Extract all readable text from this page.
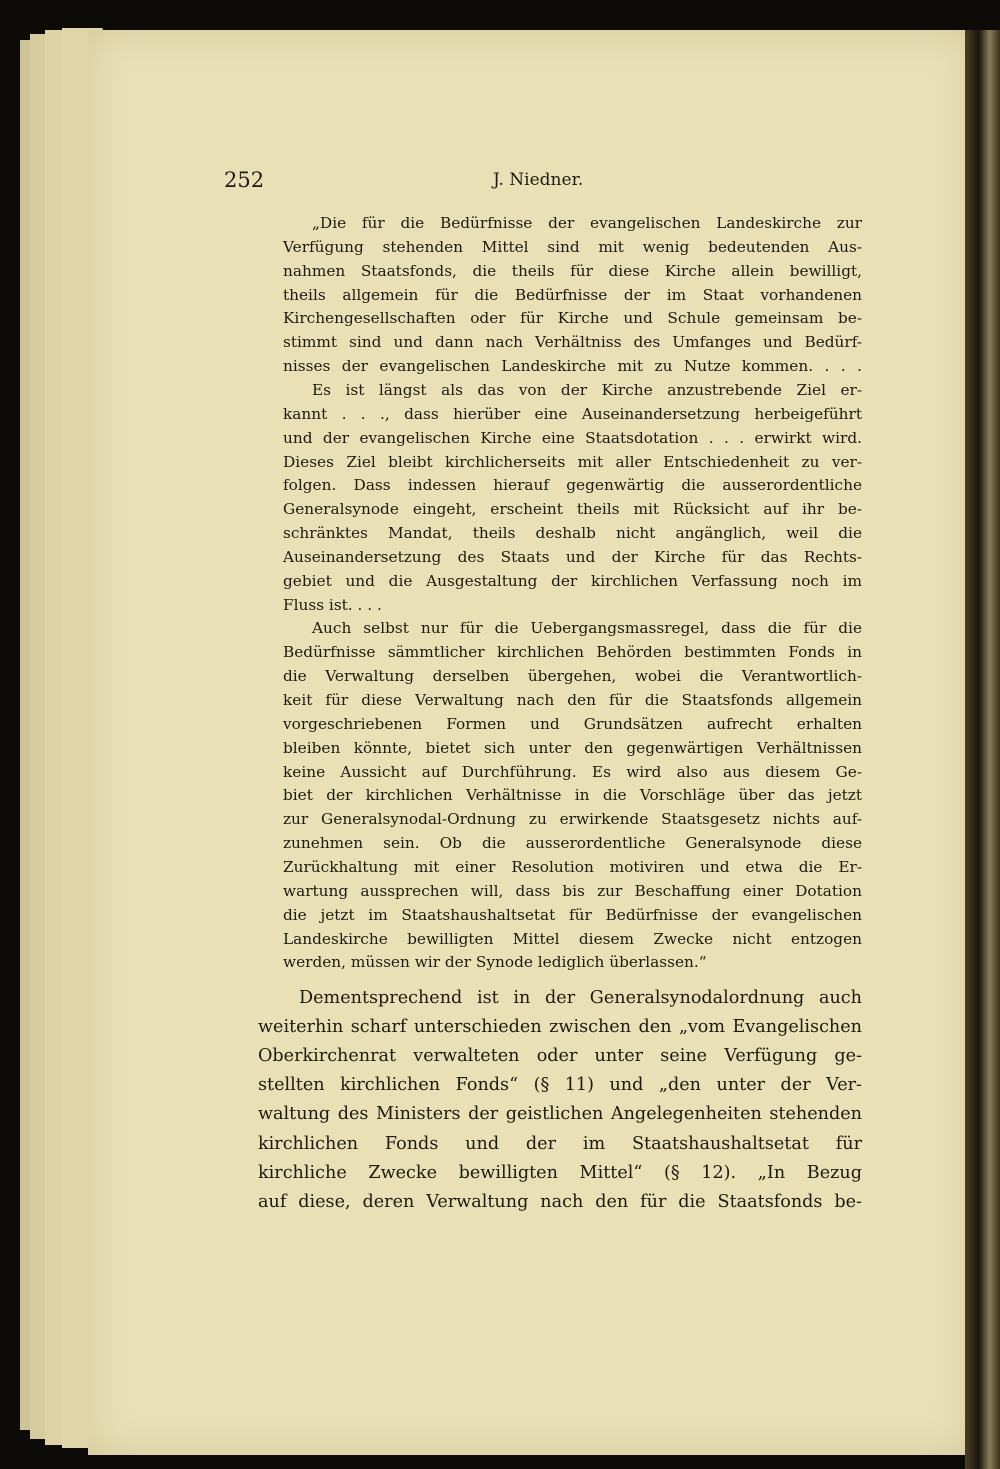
252	J. Niedner.
„Die für die Bedürfnisse der evangelischen Landeskirche zur
Verfügung stehenden Mittel sind mit wenig bedeutenden Aus-
nahmen Staatsfonds, die theils für diese Kirche allein bewilligt,
theils allgemein für die Bedürfnisse der im Staat vorhandenen
Kirchengesellschaften oder für Kirche und Schule gemeinsam be-
stimmt sind und dann nach Verhältniss des Umfanges und Bedürf-
nisses der evangelischen Landeskirche mit zu Nutze kommen. . . .
Es ist längst als das von der Kirche anzustrebende Ziel er-
kannt . . ., dass hierüber eine Auseinandersetzung herbeigeführt
und der evangelischen Kirche eine Staatsdotation . . . erwirkt wird.
Dieses Ziel bleibt kirchlicherseits mit aller Entschiedenheit zu ver-
folgen. Dass indessen hierauf gegenwärtig die ausserordentliche
Generalsynode eingeht, erscheint theils mit Rücksicht auf ihr be-
schränktes Mandat, theils deshalb nicht angänglich, weil die
Auseinandersetzung des Staats und der Kirche für das Rechts-
gebiet und die Ausgestaltung der kirchlichen Verfassung noch im
Fluss ist. . . .
Auch selbst nur für die Uebergangsmassregel, dass die für die
Bedürfnisse sämmtlicher kirchlichen Behörden bestimmten Fonds in
die Verwaltung derselben übergehen, wobei die Verantwortlich-
keit für diese Verwaltung nach den für die Staatsfonds allgemein
vorgeschriebenen Formen und Grundsätzen aufrecht erhalten
bleiben könnte, bietet sich unter den gegenwärtigen Verhältnissen
keine Aussicht auf Durchführung. Es wird also aus diesem Ge-
biet der kirchlichen Verhältnisse in die Vorschläge über das jetzt
zur Generalsynodal-Ordnung zu erwirkende Staatsgesetz nichts auf-
zunehmen sein. Ob die ausserordentliche Generalsynode diese
Zurückhaltung mit einer Resolution motiviren und etwa die Er-
wartung aussprechen will, dass bis zur Beschaffung einer Dotation
die jetzt im Staatshaushaltsetat für Bedürfnisse der evangelischen
Landeskirche bewilligten Mittel diesem Zwecke nicht entzogen
werden, müssen wir der Synode lediglich überlassen.“
Dementsprechend ist in der Generalsynodalordnung auch
weiterhin scharf unterschieden zwischen den „vom Evangelischen
Oberkirchenrat verwalteten oder unter seine Verfügung ge-
stellten kirchlichen Fonds“ (§ 11) und „den unter der Ver-
waltung des Ministers der geistlichen Angelegenheiten stehenden
kirchlichen Fonds und der im Staatshaushaltsetat für
kirchliche Zwecke bewilligten Mittel“ (§ 12). „In Bezug
auf diese, deren Verwaltung nach den für die Staatsfonds be-
